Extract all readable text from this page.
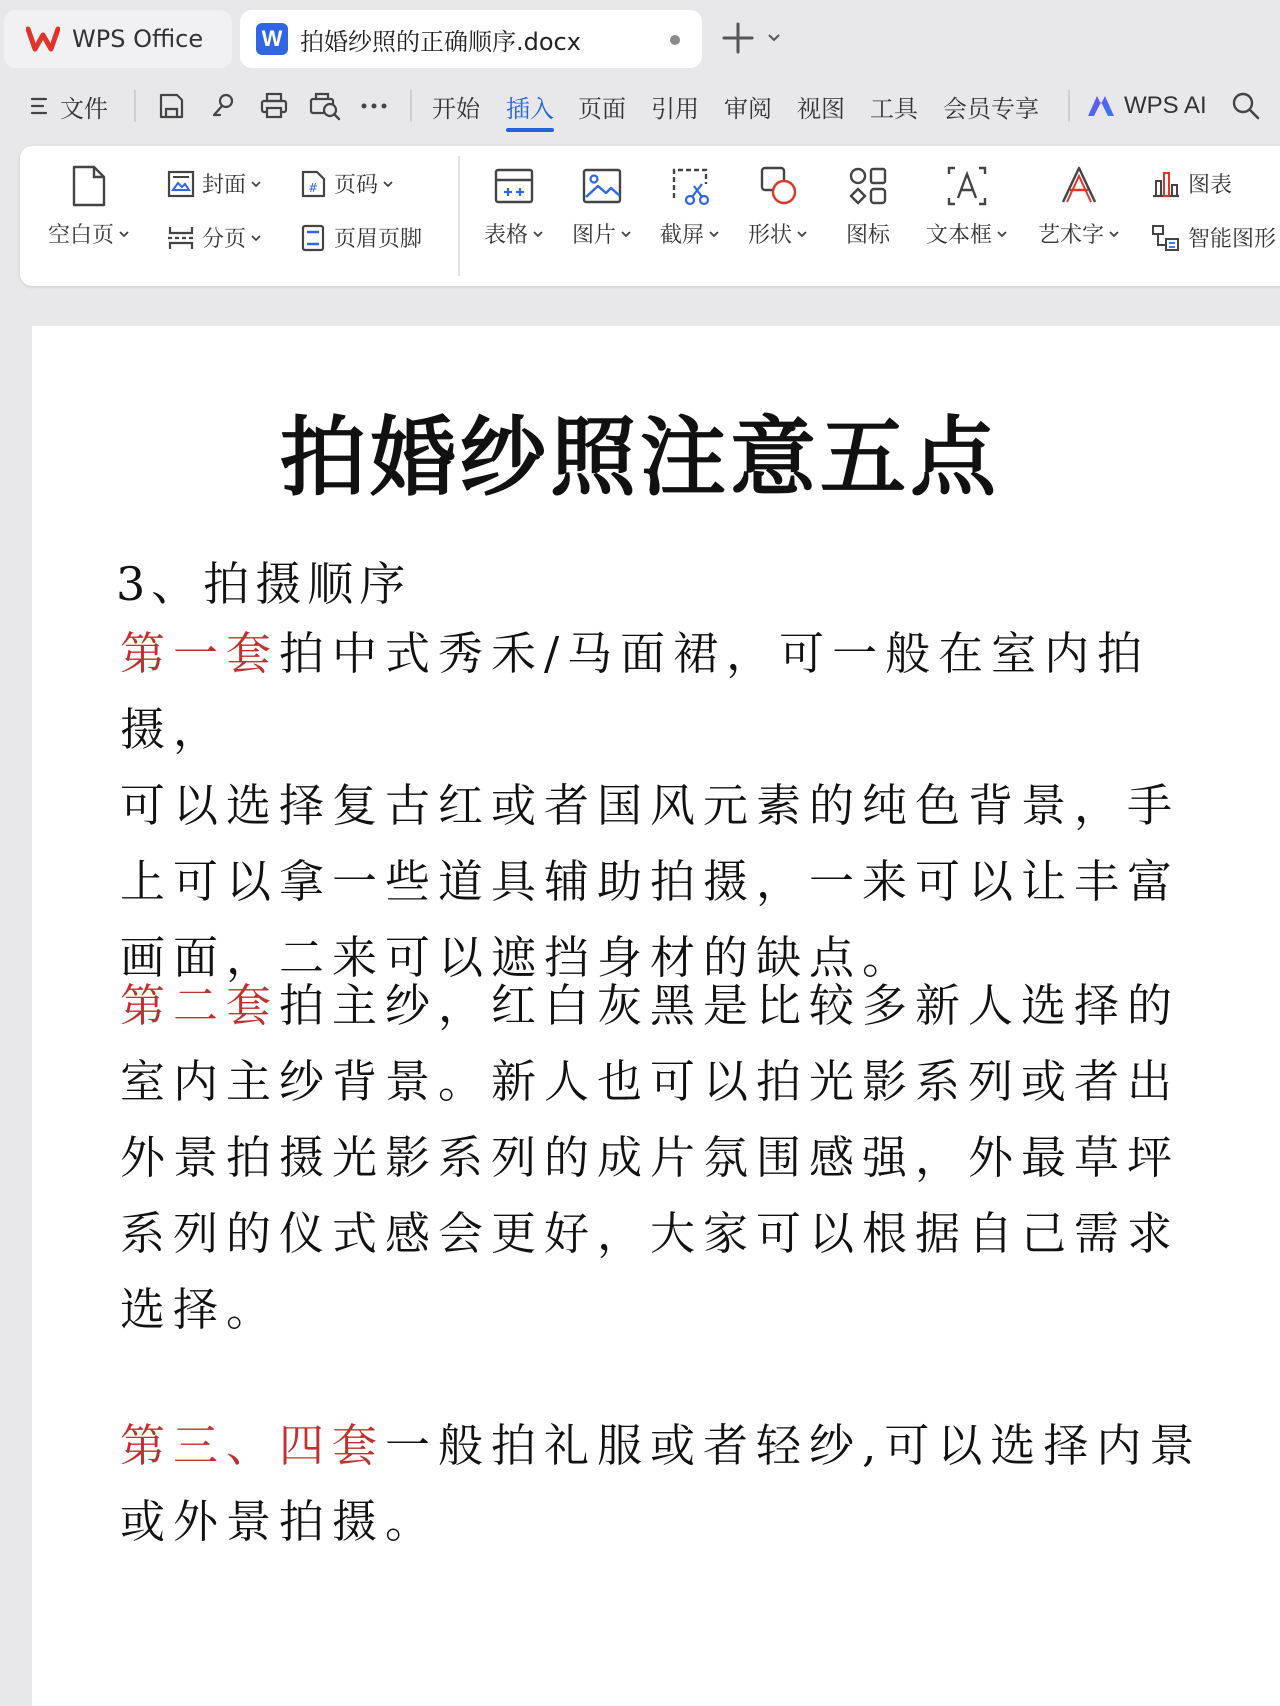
WPS Office	W 拍婚纱照的正确顺序.docx
文件	开始 插入 页面 引用 审阅 视图 工具 会员专享	WPS AI
空白页
封面
分页
# 页码
页眉页脚	表格 图片 截屏 形状 图标 文本框 艺术字
图表
智能图形
拍婚纱照注意五点
3、拍摄顺序
第一套拍中式秀禾/马面裙，可一般在室内拍摄，
可以选择复古红或者国风元素的纯色背景，手
上可以拿一些道具辅助拍摄，一来可以让丰富
画面，二来可以遮挡身材的缺点。
第二套拍主纱，红白灰黑是比较多新人选择的
室内主纱背景。新人也可以拍光影系列或者出
外景拍摄光影系列的成片氛围感强，外最草坪
系列的仪式感会更好，大家可以根据自己需求
选择。
第三、四套一般拍礼服或者轻纱,可以选择内景
或外景拍摄。
